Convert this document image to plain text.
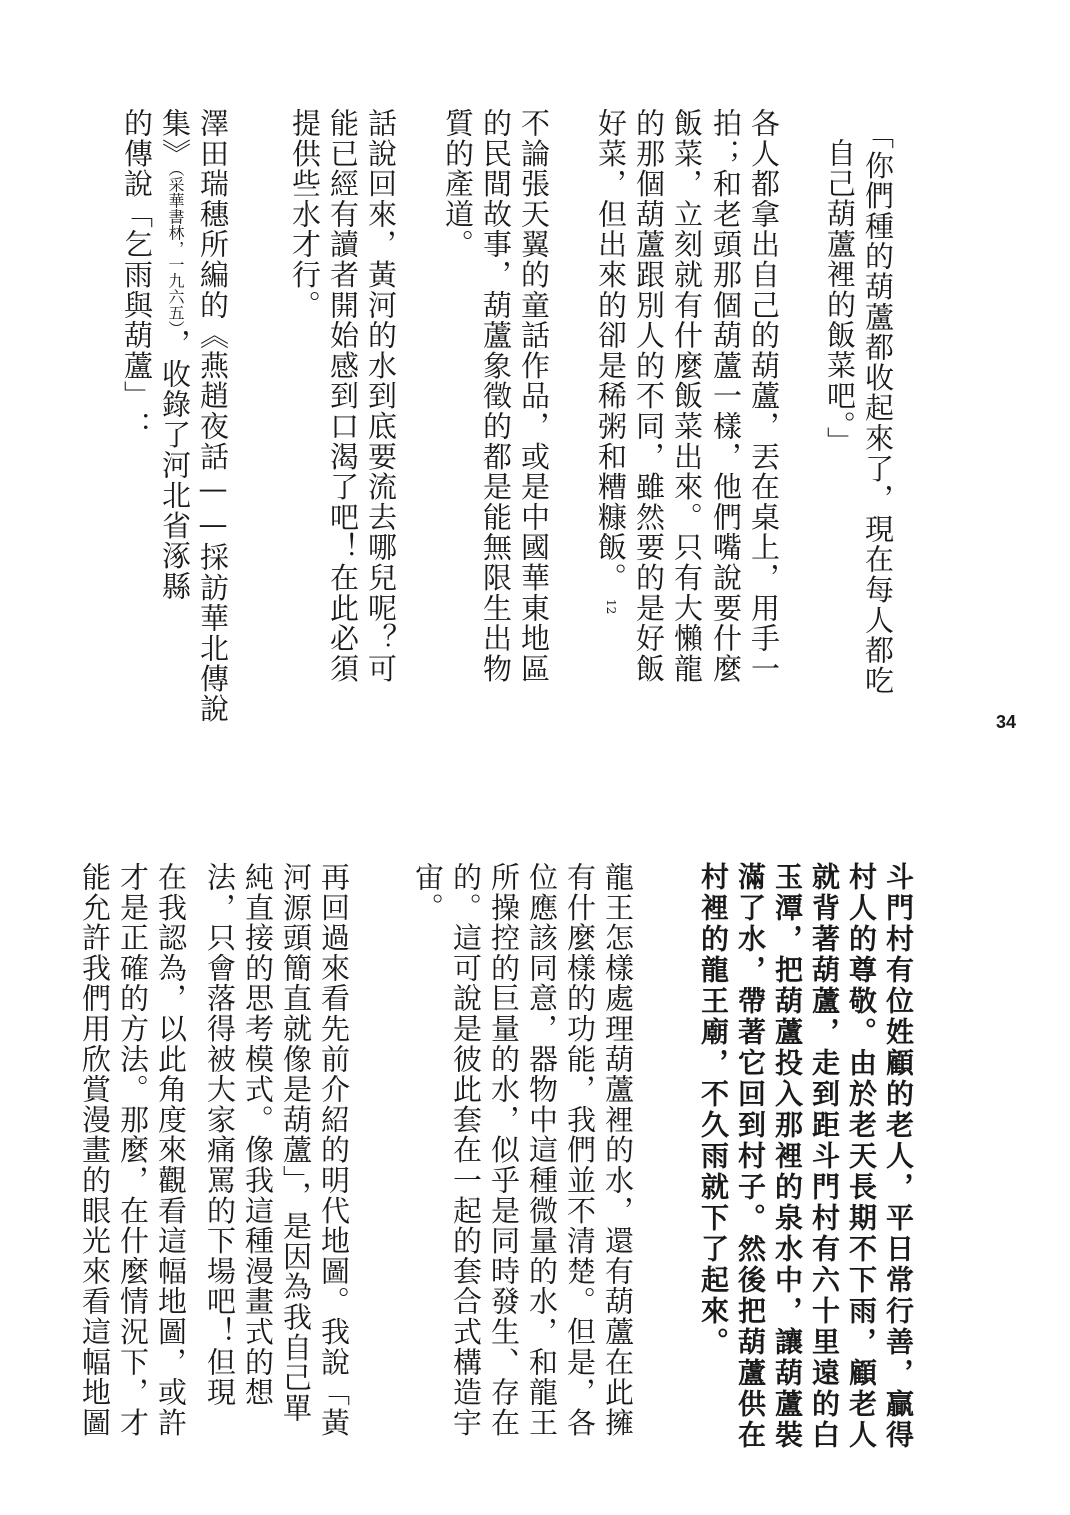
「你們種的葫蘆都收起來了，現在每人都吃

自己葫蘆裡的飯菜吧。」

各人都拿出自己的葫蘆，丟在桌上，用手一

拍；和老頭那個葫蘆一樣，他們嘴說要什麼

飯菜，立刻就有什麼飯菜出來。只有大懶龍

的那個葫蘆跟別人的不同，雖然要的是好飯

好菜，但出來的卻是稀粥和糟糠飯。12

不論張天翼的童話作品，或是中國華東地區

的民間故事，葫蘆象徵的都是能無限生出物

質的產道。

話說回來，黃河的水到底要流去哪兒呢？可

能已經有讀者開始感到口渴了吧！在此必須

提供些水才行。

澤田瑞穗所編的《燕趙夜話——採訪華北傳說

集》（采華書林，一九六五），收錄了河北省涿縣

的傳說「乞雨與葫蘆」：

34

斗門村有位姓顧的老人，平日常行善，贏得

村人的尊敬。由於老天長期不下雨，顧老人

就背著葫蘆，走到距斗門村有六十里遠的白

玉潭，把葫蘆投入那裡的泉水中，讓葫蘆裝

滿了水，帶著它回到村子。然後把葫蘆供在

村裡的龍王廟，不久雨就下了起來。

龍王怎樣處理葫蘆裡的水，還有葫蘆在此擁

有什麼樣的功能，我們並不清楚。但是，各

位應該同意，器物中這種微量的水，和龍王

所操控的巨量的水，似乎是同時發生、存在

的。這可說是彼此套在一起的套合式構造宇

宙。

再回過來看先前介紹的明代地圖。我說「黃

河源頭簡直就像是葫蘆」，是因為我自己單

純直接的思考模式。像我這種漫畫式的想

法，只會落得被大家痛罵的下場吧！但現

在我認為，以此角度來觀看這幅地圖，或許

才是正確的方法。那麼，在什麼情況下，才

能允許我們用欣賞漫畫的眼光來看這幅地圖
